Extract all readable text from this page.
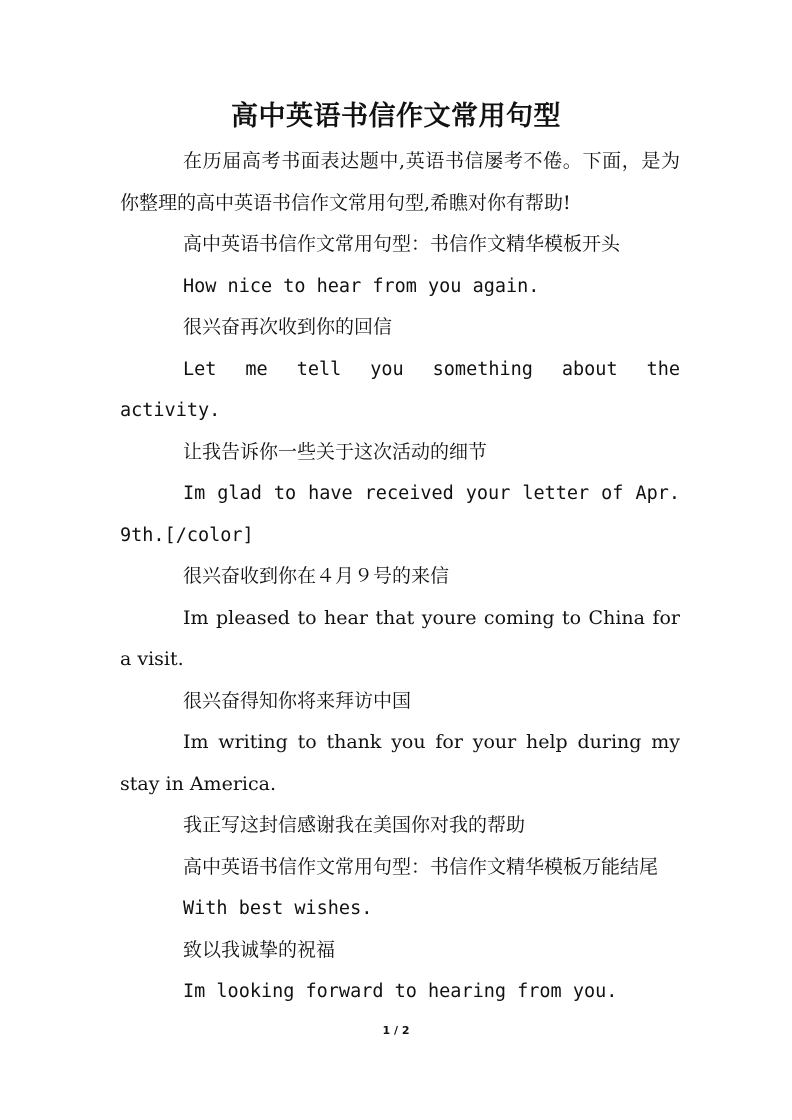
高中英语书信作文常用句型

在历届高考书面表达题中,英语书信屡考不倦。下面，是为你整理的高中英语书信作文常用句型,希瞧对你有帮助!

高中英语书信作文常用句型：书信作文精华模板开头

How nice to hear from you again.

很兴奋再次收到你的回信

Let me tell you something about the activity.

让我告诉你一些关于这次活动的细节

Im glad to have received your letter of Apr. 9th.[/color]

很兴奋收到你在４月９号的来信

Im pleased to hear that youre coming to China for a visit.

很兴奋得知你将来拜访中国

Im writing to thank you for your help during my stay in America.

我正写这封信感谢我在美国你对我的帮助

高中英语书信作文常用句型：书信作文精华模板万能结尾

With best wishes.

致以我诚挚的祝福

Im looking forward to hearing from you.

1 / 2
